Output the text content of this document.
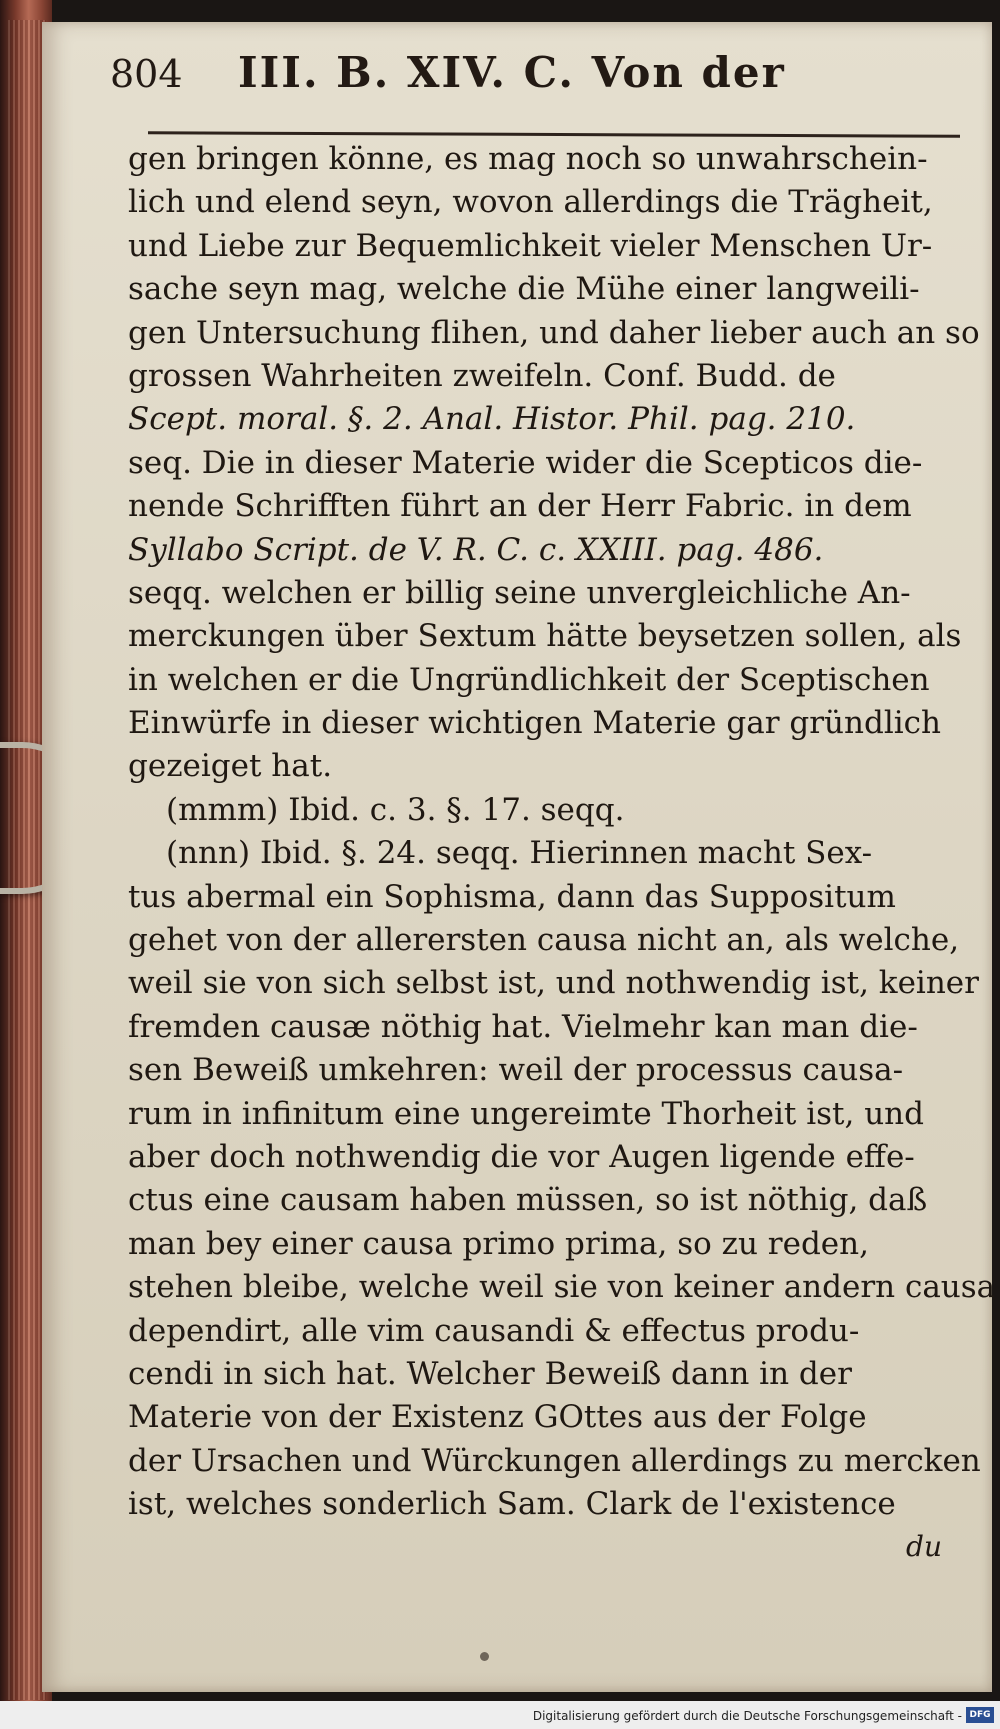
804 III. B. XIV. C. Von der
gen bringen könne, es mag noch so unwahrschein-
lich und elend seyn, wovon allerdings die Trägheit,
und Liebe zur Bequemlichkeit vieler Menschen Ur-
sache seyn mag, welche die Mühe einer langweili-
gen Untersuchung flihen, und daher lieber auch an so
grossen Wahrheiten zweifeln. Conf. Budd. de
Scept. moral. §. 2. Anal. Histor. Phil. pag. 210.
seq. Die in dieser Materie wider die Scepticos die-
nende Schrifften führt an der Herr Fabric. in dem
Syllabo Script. de V. R. C. c. XXIII. pag. 486.
seqq. welchen er billig seine unvergleichliche An-
merckungen über Sextum hätte beysetzen sollen, als
in welchen er die Ungründlichkeit der Sceptischen
Einwürfe in dieser wichtigen Materie gar gründlich
gezeiget hat.
(mmm) Ibid. c. 3. §. 17. seqq.
(nnn) Ibid. §. 24. seqq. Hierinnen macht Sex-
tus abermal ein Sophisma, dann das Suppositum
gehet von der allerersten causa nicht an, als welche,
weil sie von sich selbst ist, und nothwendig ist, keiner
fremden causæ nöthig hat. Vielmehr kan man die-
sen Beweiß umkehren: weil der processus causa-
rum in infinitum eine ungereimte Thorheit ist, und
aber doch nothwendig die vor Augen ligende effe-
ctus eine causam haben müssen, so ist nöthig, daß
man bey einer causa primo prima, so zu reden,
stehen bleibe, welche weil sie von keiner andern causa
dependirt, alle vim causandi & effectus produ-
cendi in sich hat. Welcher Beweiß dann in der
Materie von der Existenz GOttes aus der Folge
der Ursachen und Würckungen allerdings zu mercken
ist, welches sonderlich Sam. Clark de l'existence
du
Digitalisierung gefördert durch die Deutsche Forschungsgemeinschaft - DFG
